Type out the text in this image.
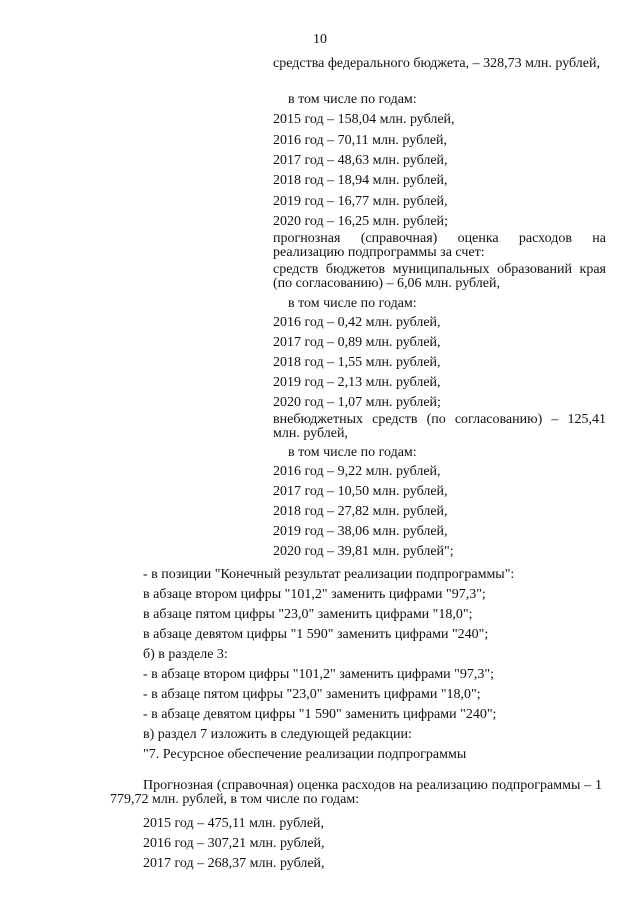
10
средства федерального бюджета, – 328,73 млн. рублей,
в том числе по годам:
2015 год – 158,04 млн. рублей,
2016 год – 70,11 млн. рублей,
2017 год – 48,63 млн. рублей,
2018 год – 18,94 млн. рублей,
2019 год – 16,77 млн. рублей,
2020 год – 16,25 млн. рублей;
прогнозная (справочная) оценка расходов на реализацию подпрограммы за счет:
средств бюджетов муниципальных образований края (по согласованию) – 6,06 млн. рублей,
в том числе по годам:
2016 год – 0,42 млн. рублей,
2017 год – 0,89 млн. рублей,
2018 год – 1,55 млн. рублей,
2019 год – 2,13 млн. рублей,
2020 год – 1,07 млн. рублей;
внебюджетных средств (по согласованию) – 125,41 млн. рублей,
в том числе по годам:
2016 год – 9,22 млн. рублей,
2017 год – 10,50 млн. рублей,
2018 год – 27,82 млн. рублей,
2019 год – 38,06 млн. рублей,
2020 год – 39,81 млн. рублей";
- в позиции "Конечный результат реализации подпрограммы":
в абзаце втором цифры "101,2" заменить цифрами "97,3";
в абзаце пятом цифры "23,0" заменить цифрами "18,0";
в абзаце девятом цифры "1 590" заменить цифрами "240";
б) в разделе 3:
- в абзаце втором цифры "101,2" заменить цифрами "97,3";
- в абзаце пятом цифры "23,0" заменить цифрами "18,0";
- в абзаце девятом цифры "1 590" заменить цифрами "240";
в) раздел 7 изложить в следующей редакции:
"7. Ресурсное обеспечение реализации подпрограммы
Прогнозная (справочная) оценка расходов на реализацию подпрограммы – 1 779,72 млн. рублей, в том числе по годам:
2015 год – 475,11 млн. рублей,
2016 год – 307,21 млн. рублей,
2017 год – 268,37 млн. рублей,
